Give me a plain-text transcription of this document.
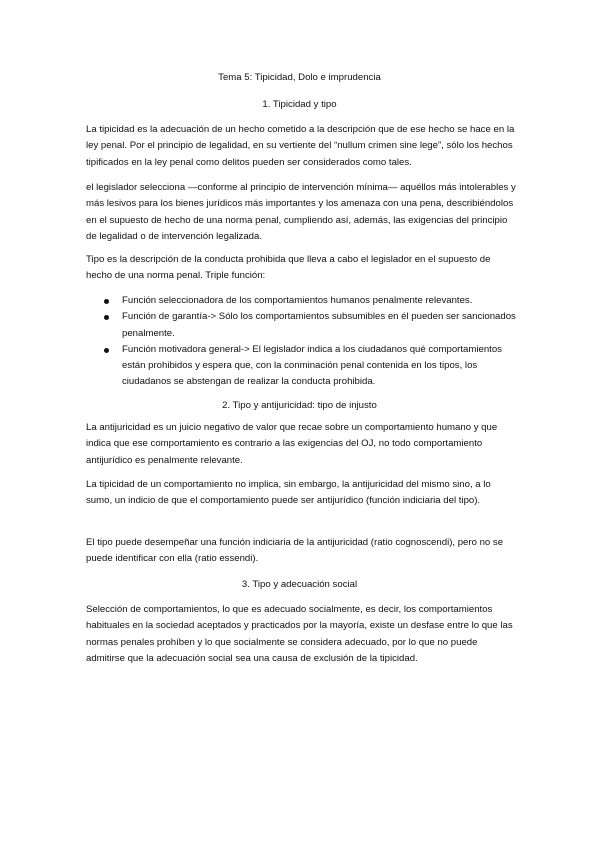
Tema 5: Tipicidad, Dolo e imprudencia
1. Tipicidad y tipo
La tipicidad es la adecuación de un hecho cometido a la descripción que de ese hecho se hace en la ley penal. Por el principio de legalidad, en su vertiente del “nullum crimen sine lege”, sólo los hechos tipificados en la ley penal como delitos pueden ser considerados como tales.
el legislador selecciona —conforme al principio de intervención mínima— aquéllos más intolerables y más lesivos para los bienes jurídicos más importantes y los amenaza con una pena, describiéndolos en el supuesto de hecho de una norma penal, cumpliendo así, además, las exigencias del principio de legalidad o de intervención legalizada.
Tipo es la descripción de la conducta prohibida que lleva a cabo el legislador en el supuesto de hecho de una norma penal. Triple función:
Función seleccionadora de los comportamientos humanos penalmente relevantes.
Función de garantía-> Sólo los comportamientos subsumibles en él pueden ser sancionados penalmente.
Función motivadora general-> El legislador indica a los ciudadanos qué comportamientos están prohibidos y espera que, con la conminación penal contenida en los tipos, los ciudadanos se abstengan de realizar la conducta prohibida.
2. Tipo y antijuricidad: tipo de injusto
La antijuricidad es un juicio negativo de valor que recae sobre un comportamiento humano y que indica que ese comportamiento es contrario a las exigencias del OJ, no todo comportamiento antijurídico es penalmente relevante.
La tipicidad de un comportamiento no implica, sin embargo, la antijuricidad del mismo sino, a lo sumo, un indicio de que el comportamiento puede ser antijurídico (función indiciaria del tipo).
El tipo puede desempeñar una función indiciaria de la antijuricidad (ratio cognoscendi), pero no se puede identificar con ella (ratio essendi).
3. Tipo y adecuación social
Selección de comportamientos, lo que es adecuado socialmente, es decir, los comportamientos habituales en la sociedad aceptados y practicados por la mayoría, existe un desfase entre lo que las normas penales prohíben y lo que socialmente se considera adecuado, por lo que no puede admitirse que la adecuación social sea una causa de exclusión de la tipicidad.
